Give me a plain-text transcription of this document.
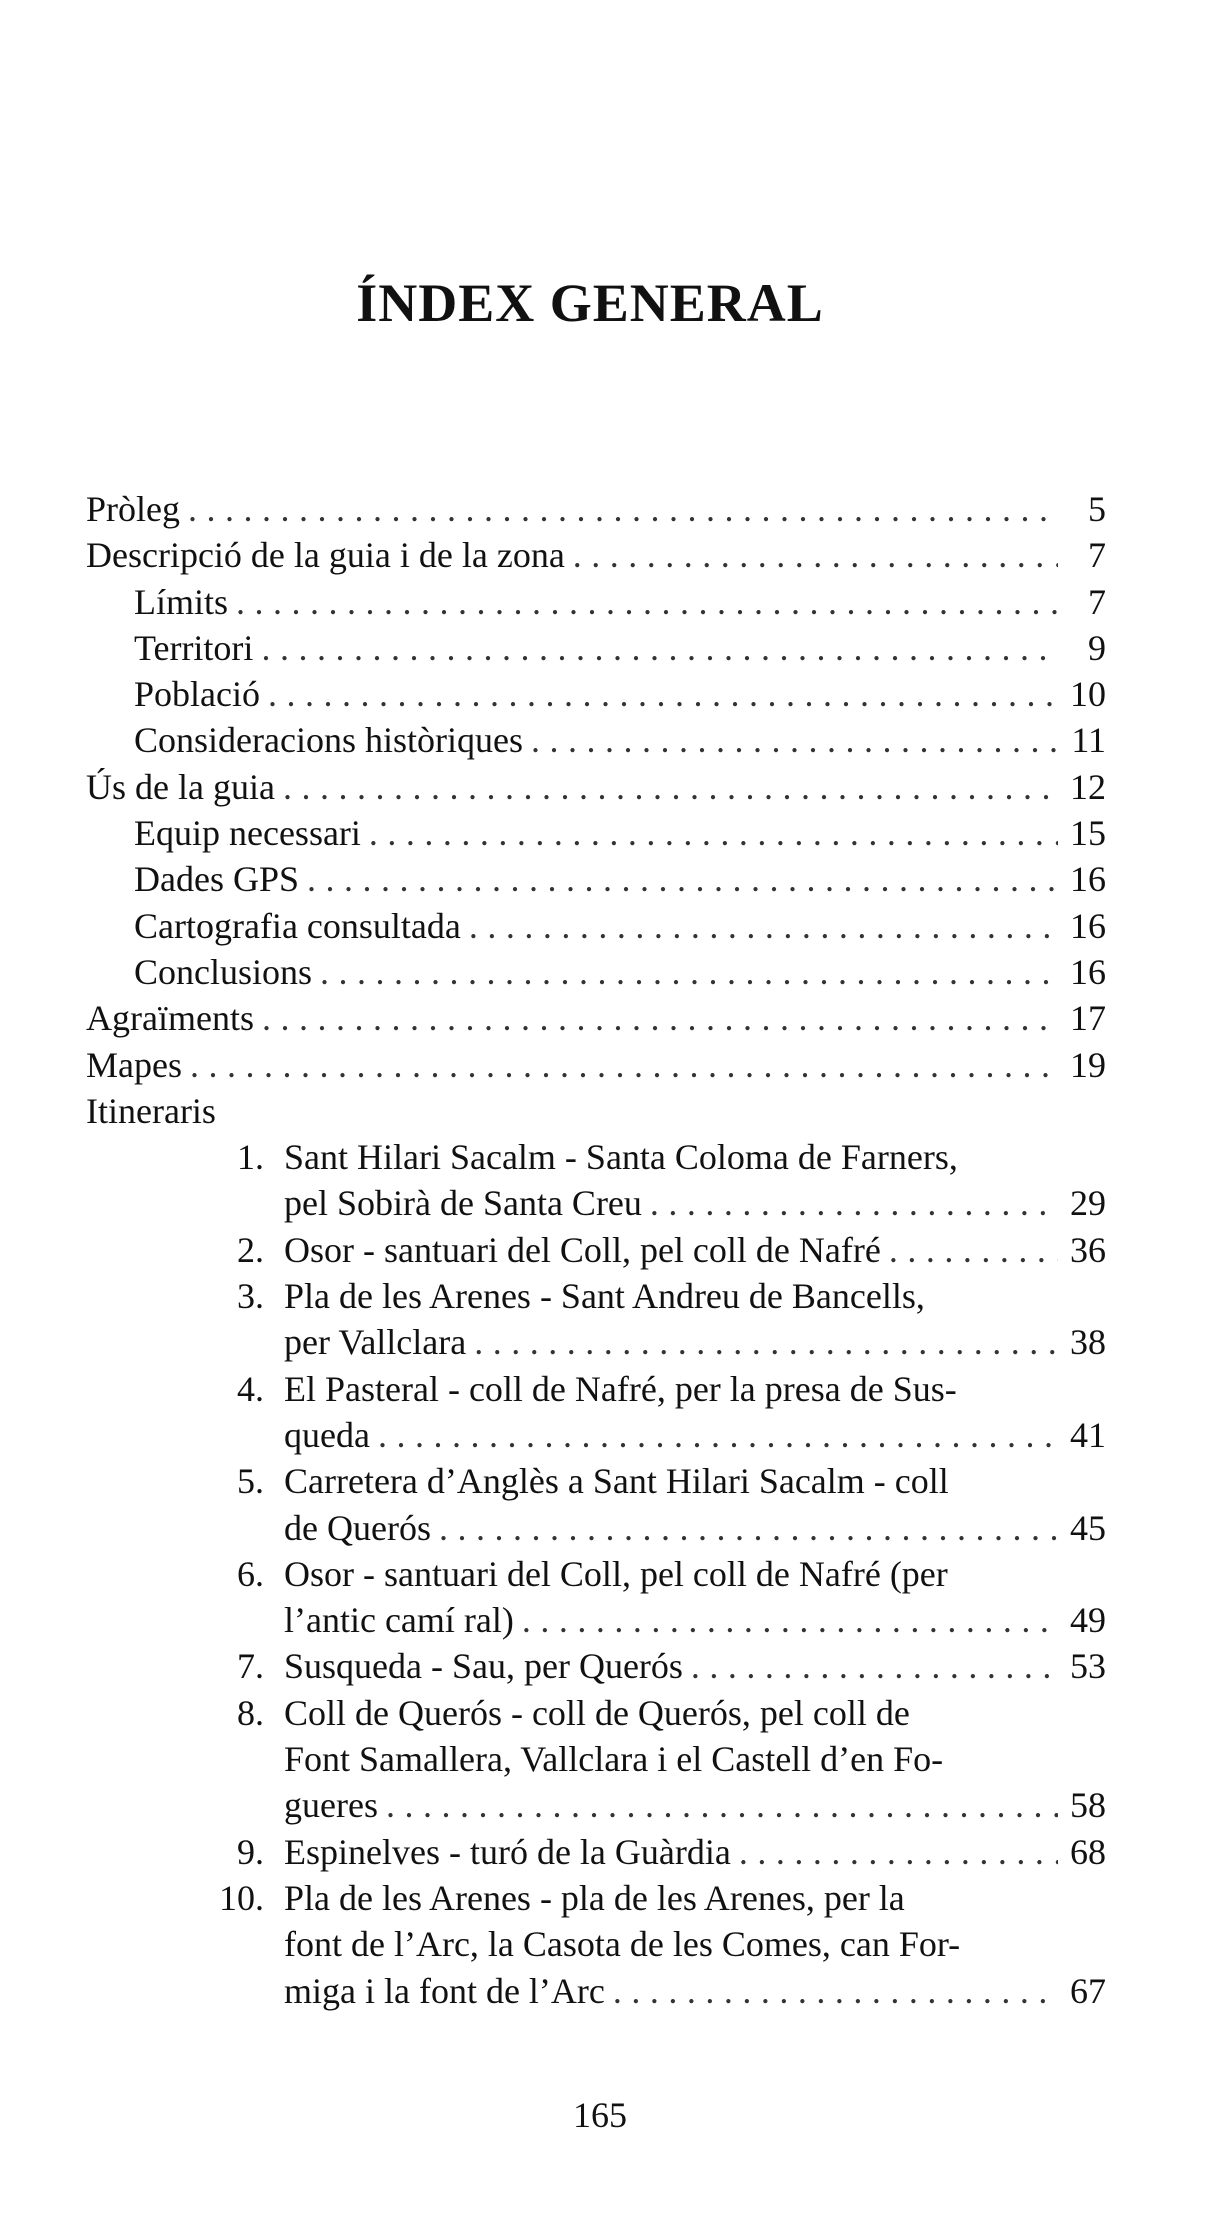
ÍNDEX GENERAL
Pròleg .....	5
Descripció de la guia i de la zona .....	7
Límits .....	7
Territori .....	9
Població .....	10
Consideracions històriques .....	11
Ús de la guia .....	12
Equip necessari .....	15
Dades GPS .....	16
Cartografia consultada .....	16
Conclusions .....	16
Agraïments .....	17
Mapes .....	19
Itineraris
1. Sant Hilari Sacalm - Santa Coloma de Farners,
pel Sobirà de Santa Creu .....	29
2. Osor - santuari del Coll, pel coll de Nafré .....	36
3. Pla de les Arenes - Sant Andreu de Bancells,
per Vallclara .....	38
4. El Pasteral - coll de Nafré, per la presa de Sus-
queda .....	41
5. Carretera d’Anglès a Sant Hilari Sacalm - coll
de Querós .....	45
6. Osor - santuari del Coll, pel coll de Nafré (per
l’antic camí ral) .....	49
7. Susqueda - Sau, per Querós .....	53
8. Coll de Querós - coll de Querós, pel coll de
Font Samallera, Vallclara i el Castell d’en Fo-
gueres .....	58
9. Espinelves - turó de la Guàrdia .....	68
10. Pla de les Arenes - pla de les Arenes, per la
font de l’Arc, la Casota de les Comes, can For-
miga i la font de l’Arc .....	67
165
